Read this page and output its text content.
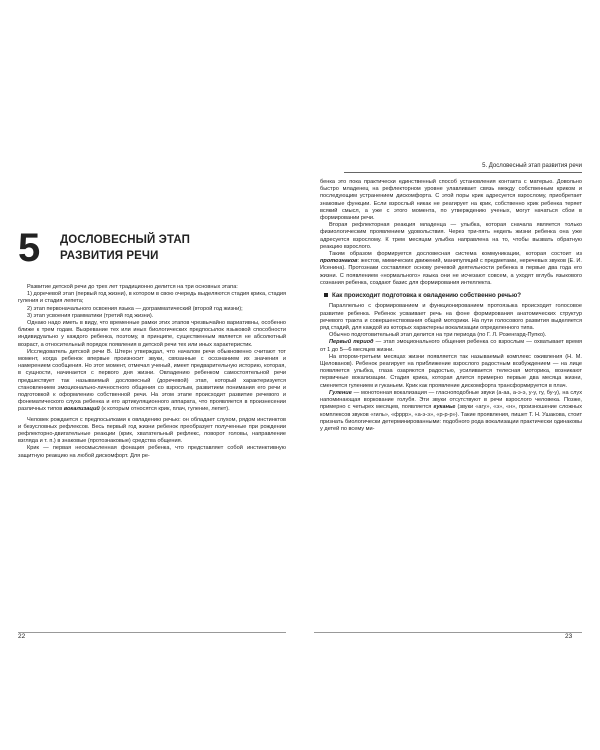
5 ДОСЛОВЕСНЫЙ ЭТАП
РАЗВИТИЯ РЕЧИ

Развитие детской речи до трех лет традиционно делится на три основных этапа:

1) доречевой этап (первый год жизни), в котором в свою очередь выделяются стадия крика, стадия гуления и стадия лепета;

2) этап первоначального освоения языка — дограмматический (второй год жизни);

3) этап усвоения грамматики (третий год жизни).

Однако надо иметь в виду, что временные рамки этих этапов чрезвычайно вариативны, особенно ближе к трем годам. Вызревание тех или иных биологических предпосылок языковой способности индивидуально у каждого ребенка, поэтому, в принципе, существенным является не абсолютный возраст, а относительный порядок появления в детской речи тех или иных характеристик.

Исследователь детской речи В. Штерн утверждал, что началом речи обыкновенно считают тот момент, когда ребенок впервые произносит звуки, связанные с осознанием их значения и намерением сообщения. Но этот момент, отмечал ученый, имеет предварительную историю, которая, в сущности, начинается с первого дня жизни. Овладению ребенком самостоятельной речи предшествует так называемый дословесный (доречевой) этап, который характеризуется становлением эмоционально-личностного общения со взрослым, развитием понимания его речи и подготовкой к оформлению собственной речи. На этом этапе происходит развитие речевого и фонематического слуха ребенка и его артикуляционного аппарата, что проявляется в произнесении различных типов вокализаций (к которым относятся крик, плач, гуление, лепет).

Человек рождается с предпосылками к овладению речью: он обладает слухом, рядом инстинктов и безусловных рефлексов. Весь первый год жизни ребенок преобразует полученные при рождении рефлекторно-двигательные реакции (крик, хватательный рефлекс, поворот головы, направление взгляда и т. п.) в знаковые (протознаковые) средства общения.

Крик — первая неосмысленная фонация ребенка, что представляет собой инстинктивную защитную реакцию на любой дискомфорт. Для ре-

22
5. Дословесный этап развития речи

бенка это пока практически единственный способ установления контакта с матерью. Довольно быстро младенец на рефлекторном уровне улавливает связь между собственным криком и последующим устранением дискомфорта. С этой поры крик адресуется взрослому, приобретает знаковые функции. Если взрослый никак не реагирует на крик, собственно крик ребенка теряет всякий смысл, а уже с этого момента, по утверждению ученых, могут начаться сбои в формировании речи.

Вторая рефлекторная реакция младенца — улыбка, которая сначала является только физиологическим проявлением удовольствия. Через три-пять недель жизни ребенка она уже адресуется взрослому. К трем месяцам улыбка направлена на то, чтобы вызвать обратную реакцию взрослого.

Таким образом формируется дословесная система коммуникации, которая состоит из протознаков: жестов, мимических движений, манипуляций с предметами, неречевых звуков (Е. И. Исенина). Протознаки составляют основу речевой деятельности ребенка в первые два года его жизни. С появлением «нормального» языка они не исчезают совсем, а уходят вглубь языкового сознания ребенка, создают базис для формирования интеллекта.

Как происходит подготовка к овладению собственно речью?

Параллельно с формированием и функционированием протоязыка происходит голосовое развитие ребенка. Ребенок усваивает речь на фоне формирования анатомических структур речевого тракта и совершенствования общей моторики. На пути голосового развития выделяется ряд стадий, для каждой из которых характерны вокализации определенного типа.

Обычно подготовительный этап делится на три периода (по Г. Л. Розенгард-Пупко).

Первый период — этап эмоционального общения ребенка со взрослым — охватывает время от 1 до 5—6 месяцев жизни.

На втором-третьем месяцах жизни появляется так называемый комплекс оживления (Н. М. Щелованов). Ребенок реагирует на приближение взрослого радостным возбуждением — на лице появляется улыбка, глаза озаряются радостью, усиливается телесная моторика, возникают первичные вокализации. Стадия крика, которая длится примерно первые два месяца жизни, сменяется гулением и гуканьем. Крик как проявление дискомфорта трансформируется в плач.

Гуление — монотонная вокализация — гласноподобные звуки (а-аа, а-э-э, у-у, гу, бу-у), на слух напоминающая воркование голубя. Эти звуки отсутствуют в речи взрослого человека. Позже, примерно с четырех месяцев, появляется гуканье (звуки «агу», «э», «н», произношение сложных комплексов звуков «гиль», «фррр», «а-э-э», «р-р-р»). Такие проявления, пишет Т. Н. Ушакова, стоит признать биологически детерминированными: подобного рода вокализации практически одинаковы у детей по всему ми-

23
